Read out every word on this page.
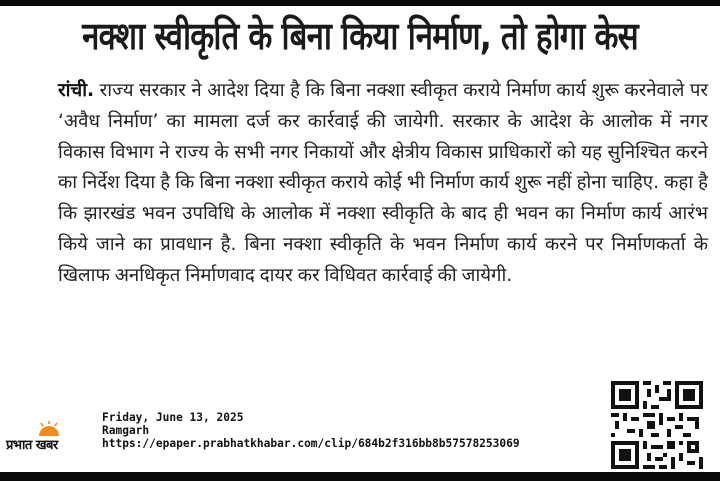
नक्शा स्वीकृति के बिना किया निर्माण, तो होगा केस
रांची. राज्य सरकार ने आदेश दिया है कि बिना नक्शा स्वीकृत कराये निर्माण कार्य शुरू करनेवाले पर ‘अवैध निर्माण’ का मामला दर्ज कर कार्रवाई की जायेगी. सरकार के आदेश के आलोक में नगर विकास विभाग ने राज्य के सभी नगर निकायों और क्षेत्रीय विकास प्राधिकारों को यह सुनिश्चित करने का निर्देश दिया है कि बिना नक्शा स्वीकृत कराये कोई भी निर्माण कार्य शुरू नहीं होना चाहिए. कहा है कि झारखंड भवन उपविधि के आलोक में नक्शा स्वीकृति के बाद ही भवन का निर्माण कार्य आरंभ किये जाने का प्रावधान है. बिना नक्शा स्वीकृति के भवन निर्माण कार्य करने पर निर्माणकर्ता के खिलाफ अनधिकृत निर्माणवाद दायर कर विधिवत कार्रवाई की जायेगी.
प्रभात खबर
Friday, June 13, 2025
Ramgarh
https://epaper.prabhatkhabar.com/clip/684b2f316bb8b57578253069
